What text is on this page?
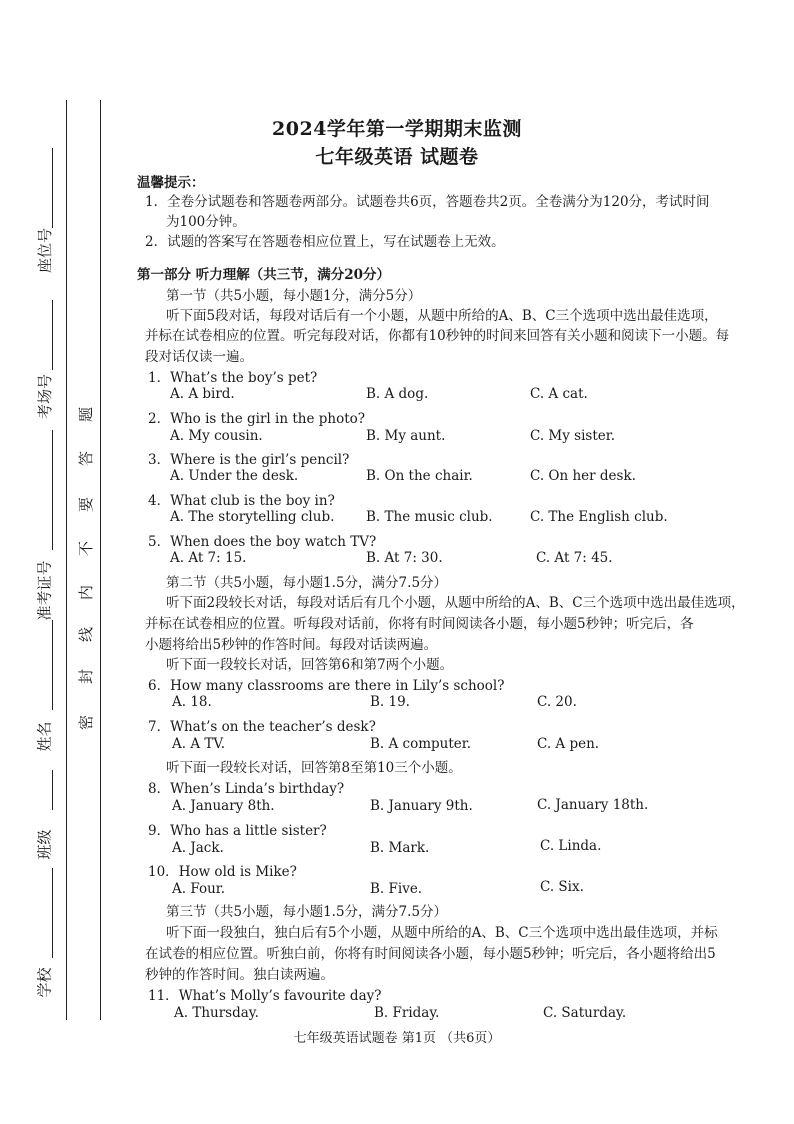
座位号
考场号
准考证号
姓名
班级
学校
密
封
线
内
不
要
答
题
2024学年第一学期期末监测
七年级英语 试题卷
温馨提示：
1．全卷分试题卷和答题卷两部分。试题卷共6页，答题卷共2页。全卷满分为120分，考试时间
为100分钟。
2．试题的答案写在答题卷相应位置上，写在试题卷上无效。
第一部分 听力理解（共三节，满分20分）
第一节（共5小题，每小题1分，满分5分）
听下面5段对话，每段对话后有一个小题，从题中所给的A、B、C三个选项中选出最佳选项，
并标在试卷相应的位置。听完每段对话，你都有10秒钟的时间来回答有关小题和阅读下一小题。每
段对话仅读一遍。
1．What’s the boy’s pet?
A. A bird.	B. A dog.	C. A cat.
2．Who is the girl in the photo?
A. My cousin.	B. My aunt.	C. My sister.
3．Where is the girl’s pencil?
A. Under the desk.	B. On the chair.	C. On her desk.
4．What club is the boy in?
A. The storytelling club. B. The music club.	C. The English club.
5．When does the boy watch TV?
A. At 7: 15.	B. At 7: 30.	C. At 7: 45.
第二节（共5小题，每小题1.5分，满分7.5分）
听下面2段较长对话，每段对话后有几个小题，从题中所给的A、B、C三个选项中选出最佳选项，
并标在试卷相应的位置。听每段对话前，你将有时间阅读各小题，每小题5秒钟；听完后，各
小题将给出5秒钟的作答时间。每段对话读两遍。
听下面一段较长对话，回答第6和第7两个小题。
6．How many classrooms are there in Lily’s school?
A. 18.	B. 19.	C. 20.
7．What’s on the teacher’s desk?
A. A TV.	B. A computer.	C. A pen.
听下面一段较长对话，回答第8至第10三个小题。
8．When’s Linda’s birthday?
A. January 8th.	B. January 9th.	C. January 18th.
9．Who has a little sister?
A. Jack.	B. Mark.	C. Linda.
10．How old is Mike?
A. Four.	B. Five.	C. Six.
第三节（共5小题，每小题1.5分，满分7.5分）
听下面一段独白，独白后有5个小题，从题中所给的A、B、C三个选项中选出最佳选项，并标
在试卷的相应位置。听独白前，你将有时间阅读各小题，每小题5秒钟；听完后，各小题将给出5
秒钟的作答时间。独白读两遍。
11．What’s Molly’s favourite day?
A. Thursday.	B. Friday.	C. Saturday.
七年级英语试题卷 第1页 （共6页）
